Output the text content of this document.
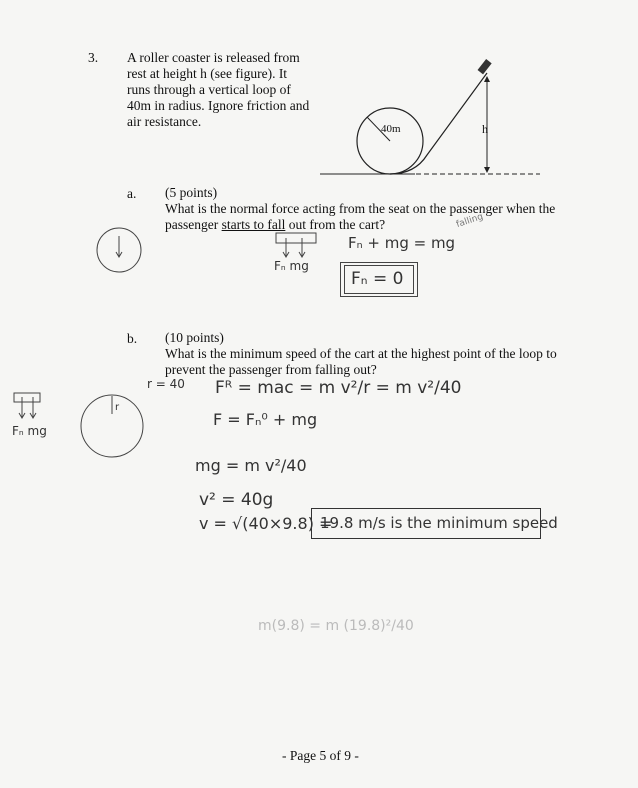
3. A roller coaster is released from
rest at height h (see figure). It
runs through a vertical loop of
40m in radius. Ignore friction and
air resistance.	40m	h
a. (5 points)
What is the normal force acting from the seat on the passenger when the
passenger starts to fall out from the cart?
Fₙ mg
falling
Fₙ + mg = mg
Fₙ = 0
b. (10 points)
What is the minimum speed of the cart at the highest point of the loop to
prevent the passenger from falling out?
Fₙ mg
r = 40
r
Fᴿ = maᴄ = m v²/r = m v²/40
F = Fₙ⁰ + mg
mg = m v²/40
v² = 40g
v = √(40×9.8) =
19.8 m/s is the minimum speed
m(9.8) = m (19.8)²/40
- Page 5 of 9 -
